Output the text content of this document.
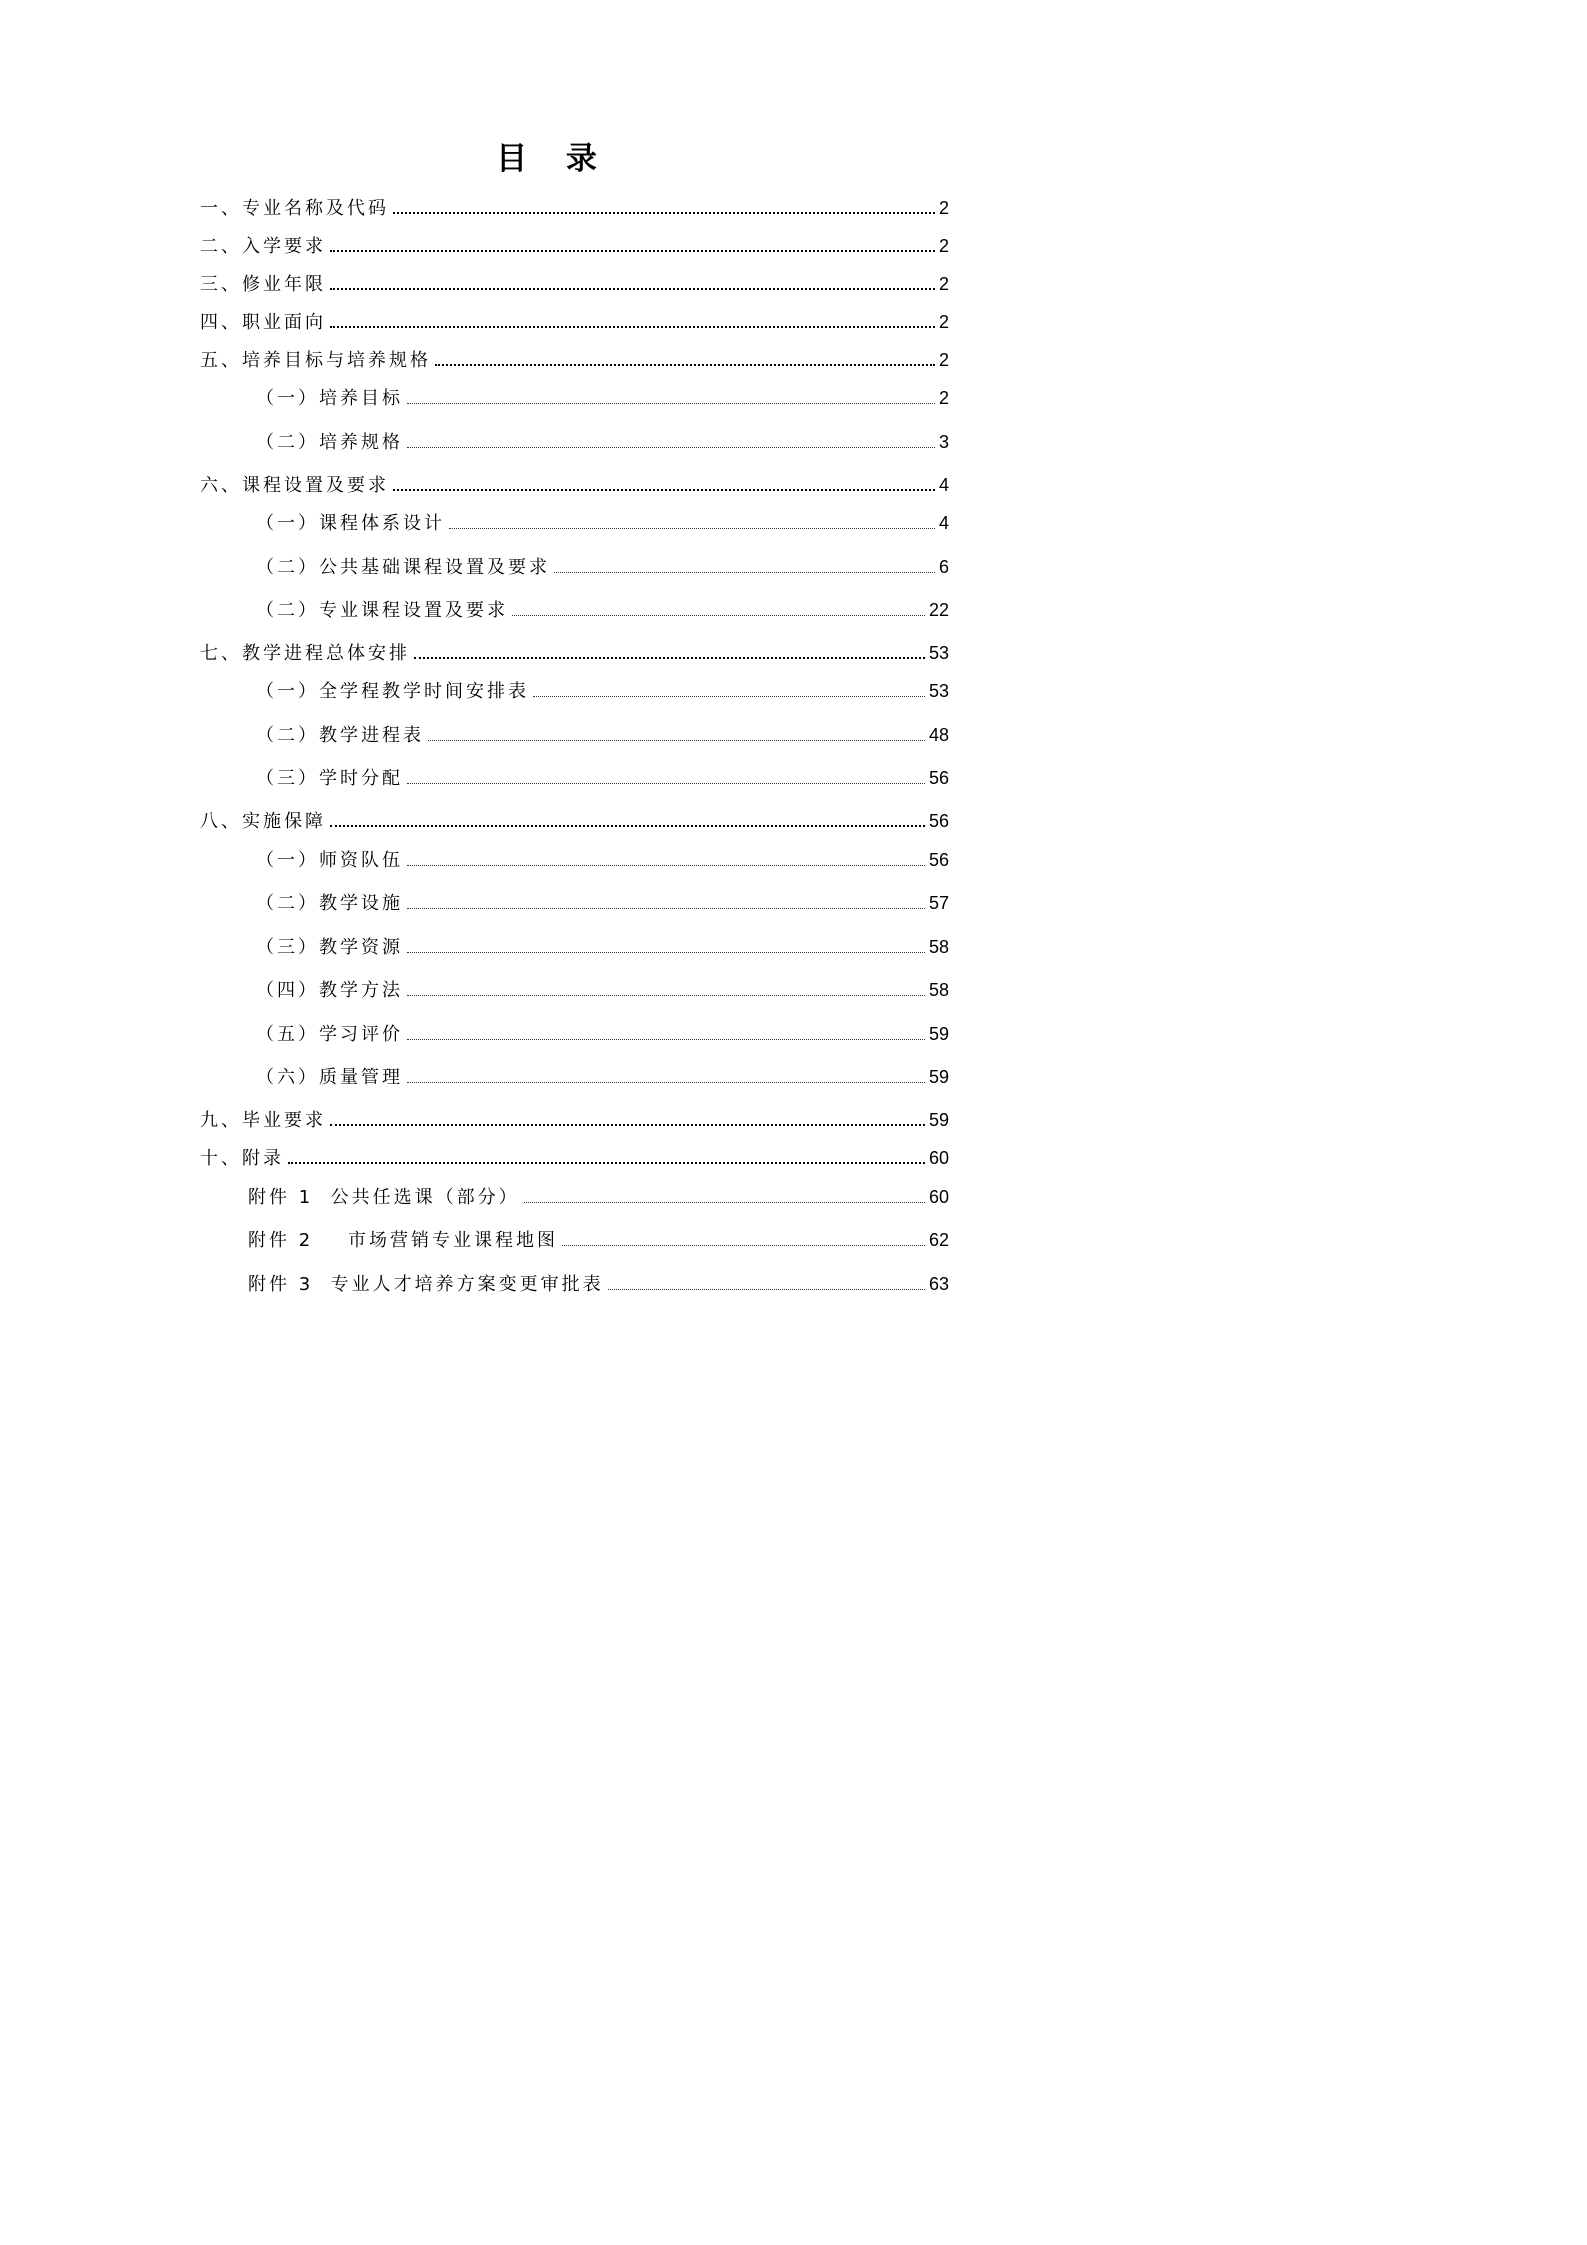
目 录
一、专业名称及代码	2
二、入学要求	2
三、修业年限	2
四、职业面向	2
五、培养目标与培养规格	2
（一）培养目标	2
（二）培养规格	3
六、课程设置及要求	4
（一）课程体系设计	4
（二）公共基础课程设置及要求	6
（二）专业课程设置及要求	22
七、教学进程总体安排	53
（一）全学程教学时间安排表	53
（二）教学进程表	48
（三）学时分配	56
八、实施保障	56
（一）师资队伍	56
（二）教学设施	57
（三）教学资源	58
（四）教学方法	58
（五）学习评价	59
（六）质量管理	59
九、毕业要求	59
十、附录	60
附件 1  公共任选课（部分）	60
附件 2    市场营销专业课程地图	62
附件 3  专业人才培养方案变更审批表	63
